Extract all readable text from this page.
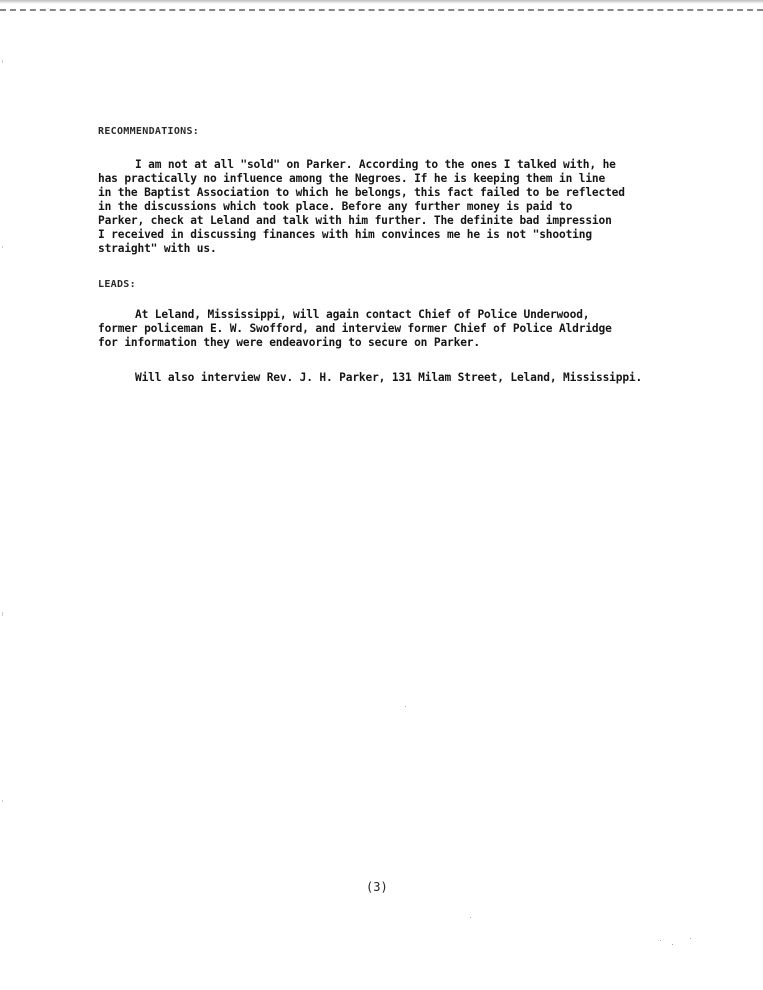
RECOMMENDATIONS:
I am not at all "sold" on Parker. According to the ones I talked with, he
has practically no influence among the Negroes. If he is keeping them in line
in the Baptist Association to which he belongs, this fact failed to be reflected
in the discussions which took place. Before any further money is paid to
Parker, check at Leland and talk with him further. The definite bad impression
I received in discussing finances with him convinces me he is not "shooting
straight" with us.
LEADS:
At Leland, Mississippi, will again contact Chief of Police Underwood,
former policeman E. W. Swofford, and interview former Chief of Police Aldridge
for information they were endeavoring to secure on Parker.
Will also interview Rev. J. H. Parker, 131 Milam Street, Leland, Mississippi.
(3)
